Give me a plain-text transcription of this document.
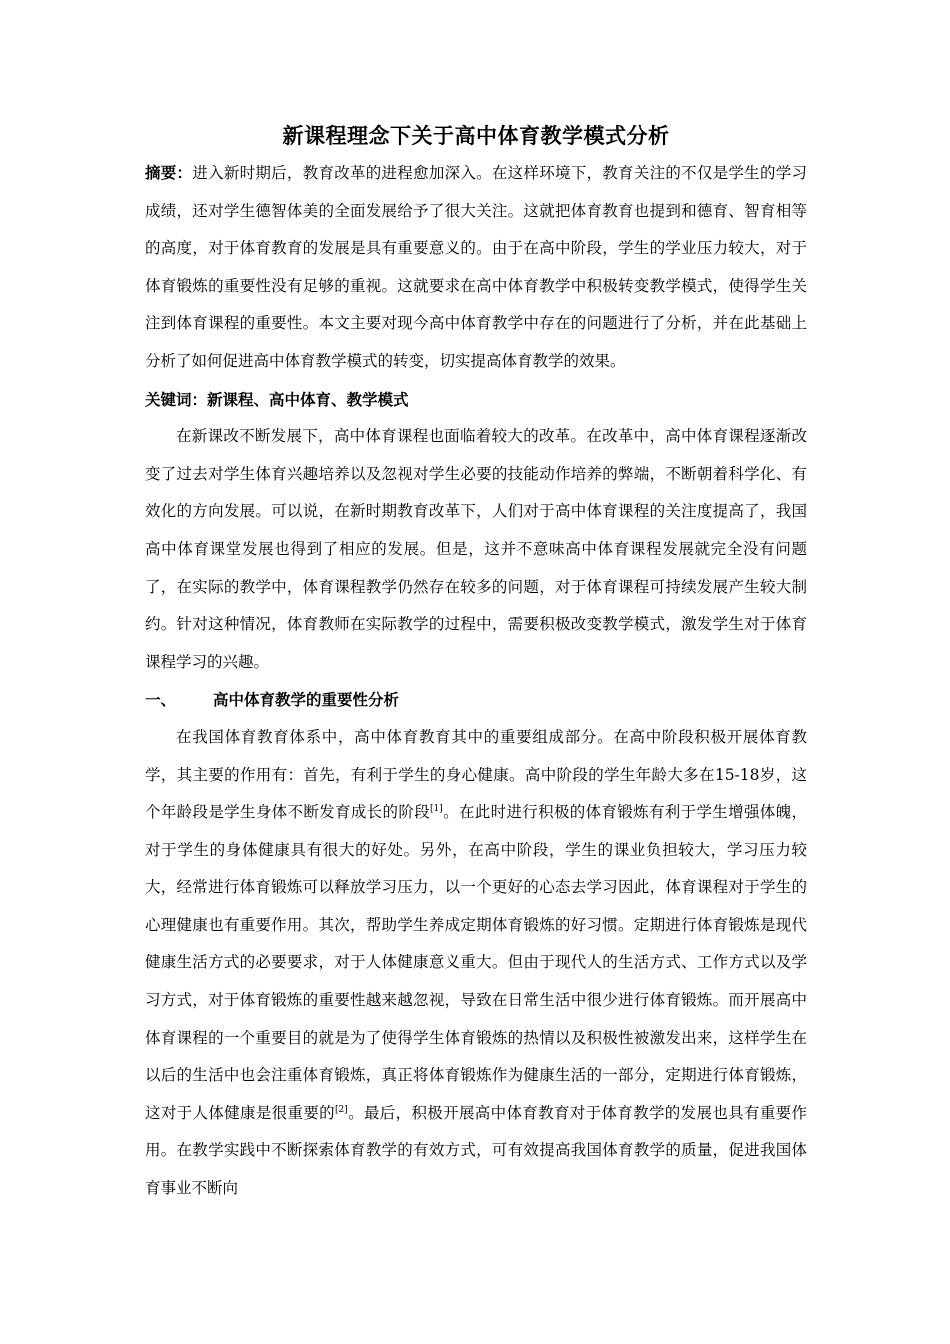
新课程理念下关于高中体育教学模式分析

摘要：进入新时期后，教育改革的进程愈加深入。在这样环境下，教育关注的不仅是学生的学习成绩，还对学生德智体美的全面发展给予了很大关注。这就把体育教育也提到和德育、智育相等的高度，对于体育教育的发展是具有重要意义的。由于在高中阶段，学生的学业压力较大，对于体育锻炼的重要性没有足够的重视。这就要求在高中体育教学中积极转变教学模式，使得学生关注到体育课程的重要性。本文主要对现今高中体育教学中存在的问题进行了分析，并在此基础上分析了如何促进高中体育教学模式的转变，切实提高体育教学的效果。

关键词：新课程、高中体育、教学模式

在新课改不断发展下，高中体育课程也面临着较大的改革。在改革中，高中体育课程逐渐改变了过去对学生体育兴趣培养以及忽视对学生必要的技能动作培养的弊端，不断朝着科学化、有效化的方向发展。可以说，在新时期教育改革下，人们对于高中体育课程的关注度提高了，我国高中体育课堂发展也得到了相应的发展。但是，这并不意味高中体育课程发展就完全没有问题了，在实际的教学中，体育课程教学仍然存在较多的问题，对于体育课程可持续发展产生较大制约。针对这种情况，体育教师在实际教学的过程中，需要积极改变教学模式，激发学生对于体育课程学习的兴趣。

一、	高中体育教学的重要性分析

在我国体育教育体系中，高中体育教育其中的重要组成部分。在高中阶段积极开展体育教学，其主要的作用有：首先，有利于学生的身心健康。高中阶段的学生年龄大多在15-18岁，这个年龄段是学生身体不断发育成长的阶段[1]。在此时进行积极的体育锻炼有利于学生增强体魄，对于学生的身体健康具有很大的好处。另外，在高中阶段，学生的课业负担较大，学习压力较大，经常进行体育锻炼可以释放学习压力，以一个更好的心态去学习因此，体育课程对于学生的心理健康也有重要作用。其次，帮助学生养成定期体育锻炼的好习惯。定期进行体育锻炼是现代健康生活方式的必要要求，对于人体健康意义重大。但由于现代人的生活方式、工作方式以及学习方式，对于体育锻炼的重要性越来越忽视，导致在日常生活中很少进行体育锻炼。而开展高中体育课程的一个重要目的就是为了使得学生体育锻炼的热情以及积极性被激发出来，这样学生在以后的生活中也会注重体育锻炼，真正将体育锻炼作为健康生活的一部分，定期进行体育锻炼，这对于人体健康是很重要的[2]。最后，积极开展高中体育教育对于体育教学的发展也具有重要作用。在教学实践中不断探索体育教学的有效方式，可有效提高我国体育教学的质量，促进我国体育事业不断向
